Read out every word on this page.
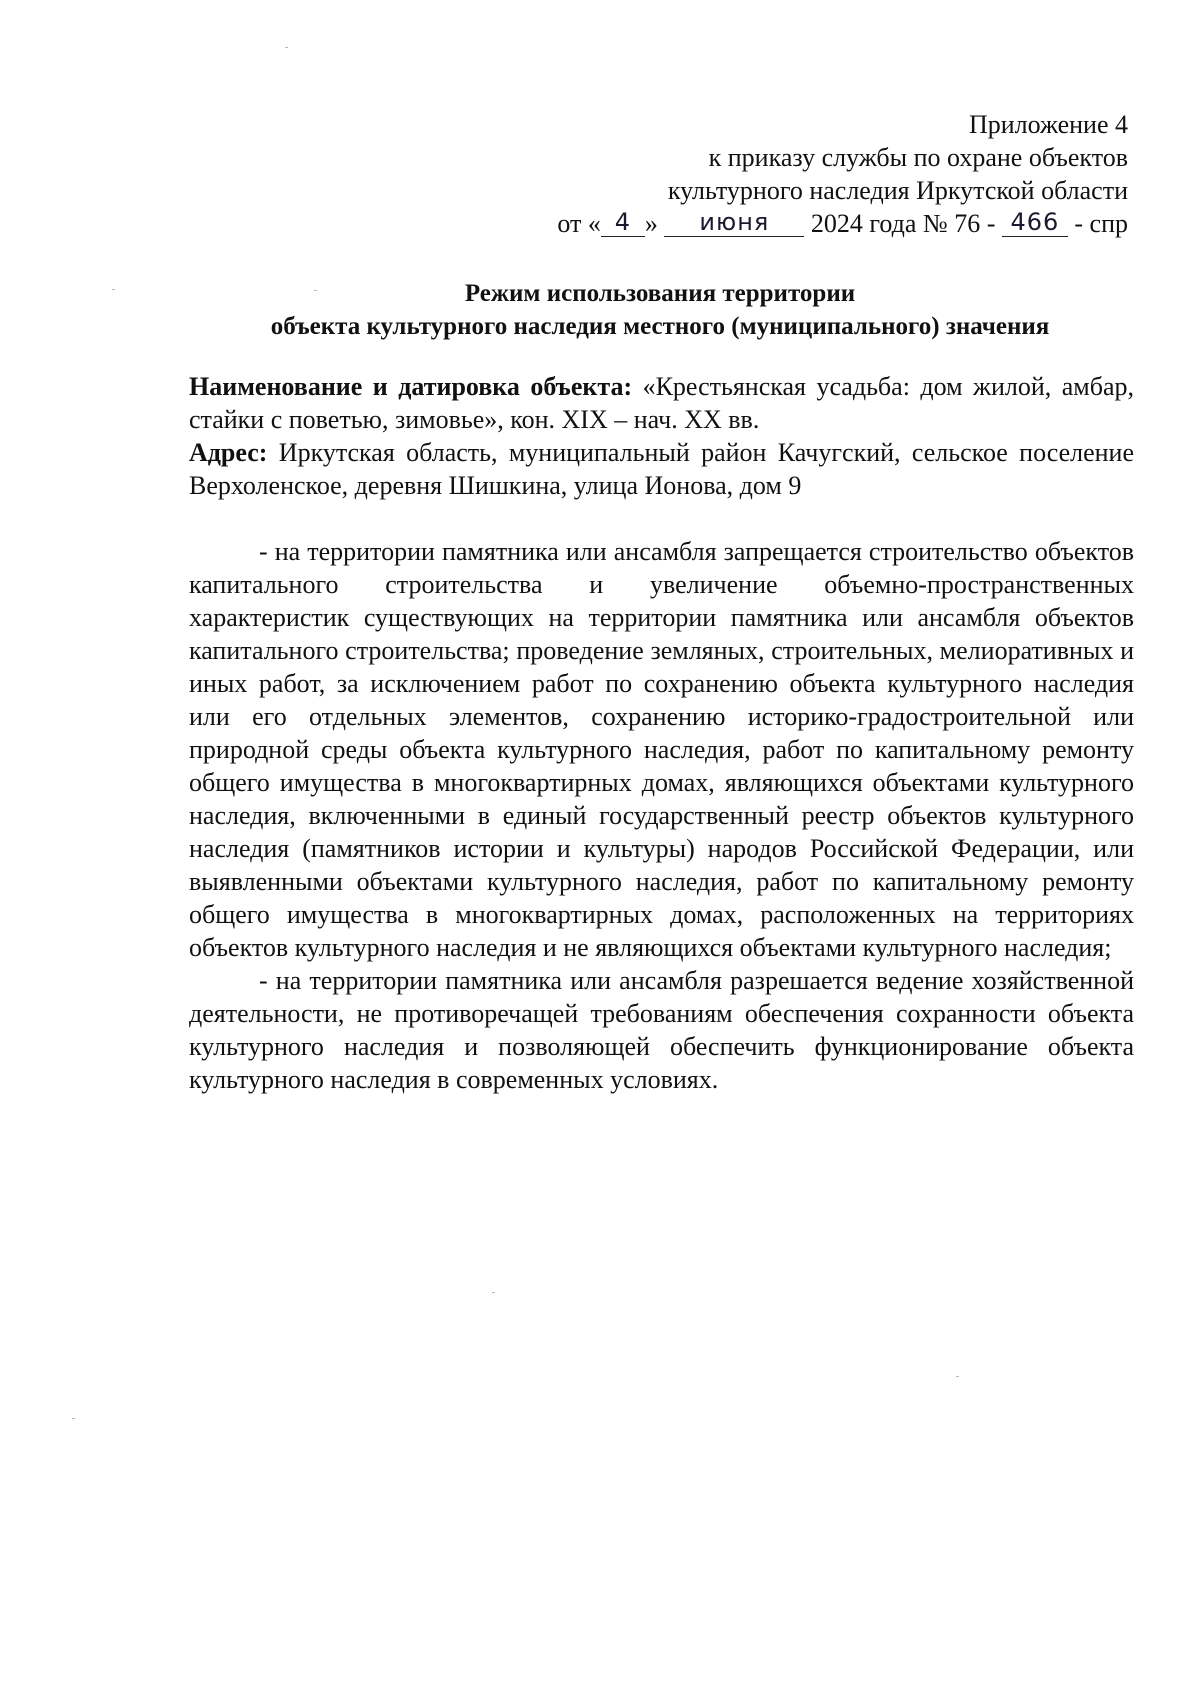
Приложение 4
к приказу службы по охране объектов
культурного наследия Иркутской области
от « 4 » июня 2024 года № 76 - 466 - спр
Режим использования территории
объекта культурного наследия местного (муниципального) значения

Наименование и датировка объекта: «Крестьянская усадьба: дом жилой, амбар, стайки с поветью, зимовье», кон. XIX – нач. XX вв.

Адрес: Иркутская область, муниципальный район Качугский, сельское поселение Верхоленское, деревня Шишкина, улица Ионова, дом 9

- на территории памятника или ансамбля запрещается строительство объектов капитального строительства и увеличение объемно-пространственных характеристик существующих на территории памятника или ансамбля объектов капитального строительства; проведение земляных, строительных, мелиоративных и иных работ, за исключением работ по сохранению объекта культурного наследия или его отдельных элементов, сохранению историко-градостроительной или природной среды объекта культурного наследия, работ по капитальному ремонту общего имущества в многоквартирных домах, являющихся объектами культурного наследия, включенными в единый государственный реестр объектов культурного наследия (памятников истории и культуры) народов Российской Федерации, или выявленными объектами культурного наследия, работ по капитальному ремонту общего имущества в многоквартирных домах, расположенных на территориях объектов культурного наследия и не являющихся объектами культурного наследия;

- на территории памятника или ансамбля разрешается ведение хозяйственной деятельности, не противоречащей требованиям обеспечения сохранности объекта культурного наследия и позволяющей обеспечить функционирование объекта культурного наследия в современных условиях.
